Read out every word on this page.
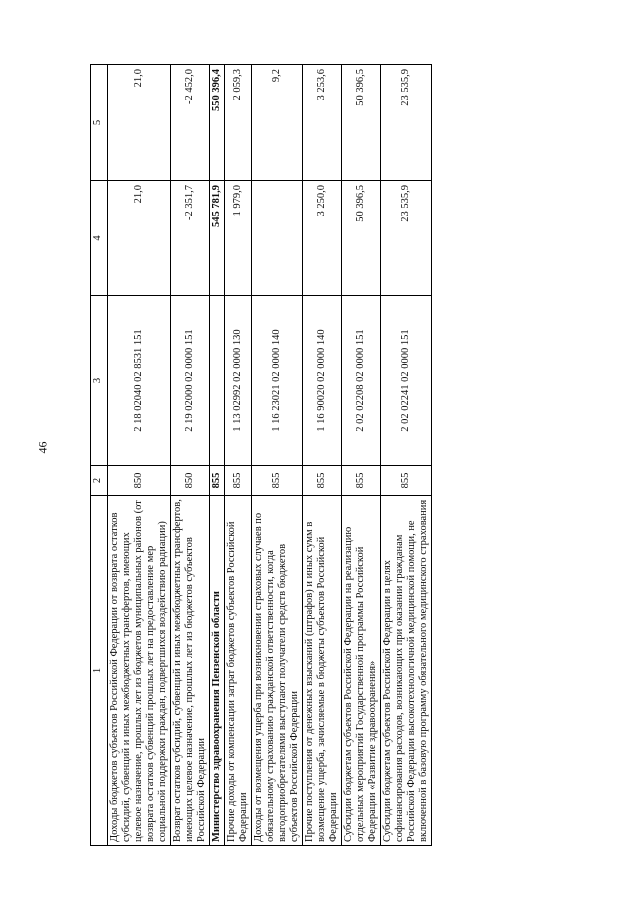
46
1	2	3	4	5
Доходы бюджетов субъектов Российской Федерации от возврата остатков субсидий, субвенций и иных межбюджетных трансфертов, имеющих целевое назначение, прошлых лет из бюджетов муниципальных районов (от возврата остатков субвенций прошлых лет на предоставление мер социальной поддержки граждан, подвергшихся воздействию радиации)	850	2 18 02040 02 8531 151	21,0	21,0
Возврат остатков субсидий, субвенций и иных межбюджетных трансфертов, имеющих целевое назначение, прошлых лет из бюджетов субъектов Российской Федерации	850	2 19 02000 02 0000 151	-2 351,7	-2 452,0
Министерство здравоохранения Пензенской области	855		545 781,9	550 396,4
Прочие доходы от компенсации затрат бюджетов субъектов Российской Федерации	855	1 13 02992 02 0000 130	1 979,0	2 059,3
Доходы от возмещения ущерба при возникновении страховых случаев по обязательному страхованию гражданской ответственности, когда выгодоприобретателями выступают получатели средств бюджетов субъектов Российской Федерации	855	1 16 23021 02 0000 140		9,2
Прочие поступления от денежных взысканий (штрафов) и иных сумм в возмещение ущерба, зачисляемые в бюджеты субъектов Российской Федерации	855	1 16 90020 02 0000 140	3 250,0	3 253,6
Субсидии бюджетам субъектов Российской Федерации на реализацию отдельных мероприятий Государственной программы Российской Федерации «Развитие здравоохранения»	855	2 02 02208 02 0000 151	50 396,5	50 396,5
Субсидии бюджетам субъектов Российской Федерации в целях софинансирования расходов, возникающих при оказании гражданам Российской Федерации высокотехнологичной медицинской помощи, не включенной в базовую программу обязательного медицинского страхования	855	2 02 02241 02 0000 151	23 535,9	23 535,9
